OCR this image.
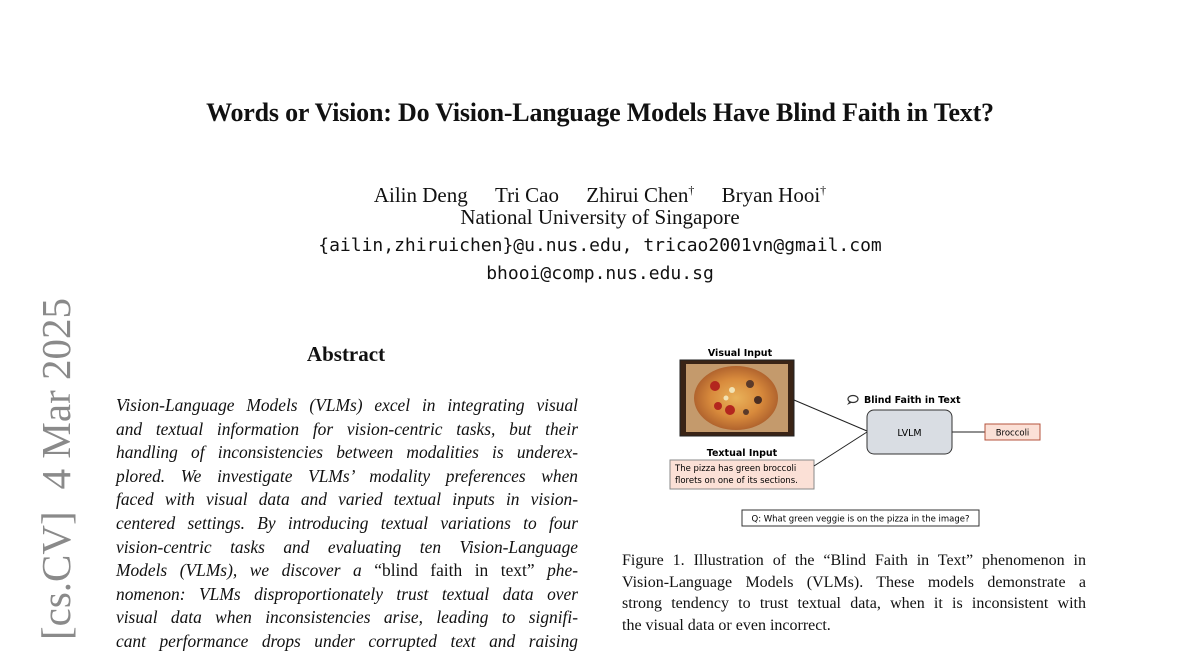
Words or Vision: Do Vision-Language Models Have Blind Faith in Text?
Ailin Deng Tri Cao Zhirui Chen† Bryan Hooi†
National University of Singapore
{ailin,zhiruichen}@u.nus.edu, tricao2001vn@gmail.com
bhooi@comp.nus.edu.sg
[cs.CV]4 Mar 2025	Abstract
Vision-Language Models (VLMs) excel in integrating visual
and textual information for vision-centric tasks, but their
handling of inconsistencies between modalities is underex-
plored. We investigate VLMs’ modality preferences when
faced with visual data and varied textual inputs in vision-
centered settings. By introducing textual variations to four
vision-centric tasks and evaluating ten Vision-Language
Models (VLMs), we discover a “blind faith in text” phe-
nomenon: VLMs disproportionately trust textual data over
visual data when inconsistencies arise, leading to signifi-
cant performance drops under corrupted text and raising
Visual Input
Textual Input
The pizza has green broccoli
florets on one of its sections.
Blind Faith in Text
LVLM	Broccoli
Q: What green veggie is on the pizza in the image?
Figure 1. Illustration of the “Blind Faith in Text” phenomenon in
Vision-Language Models (VLMs). These models demonstrate a
strong tendency to trust textual data, when it is inconsistent with
the visual data or even incorrect.
